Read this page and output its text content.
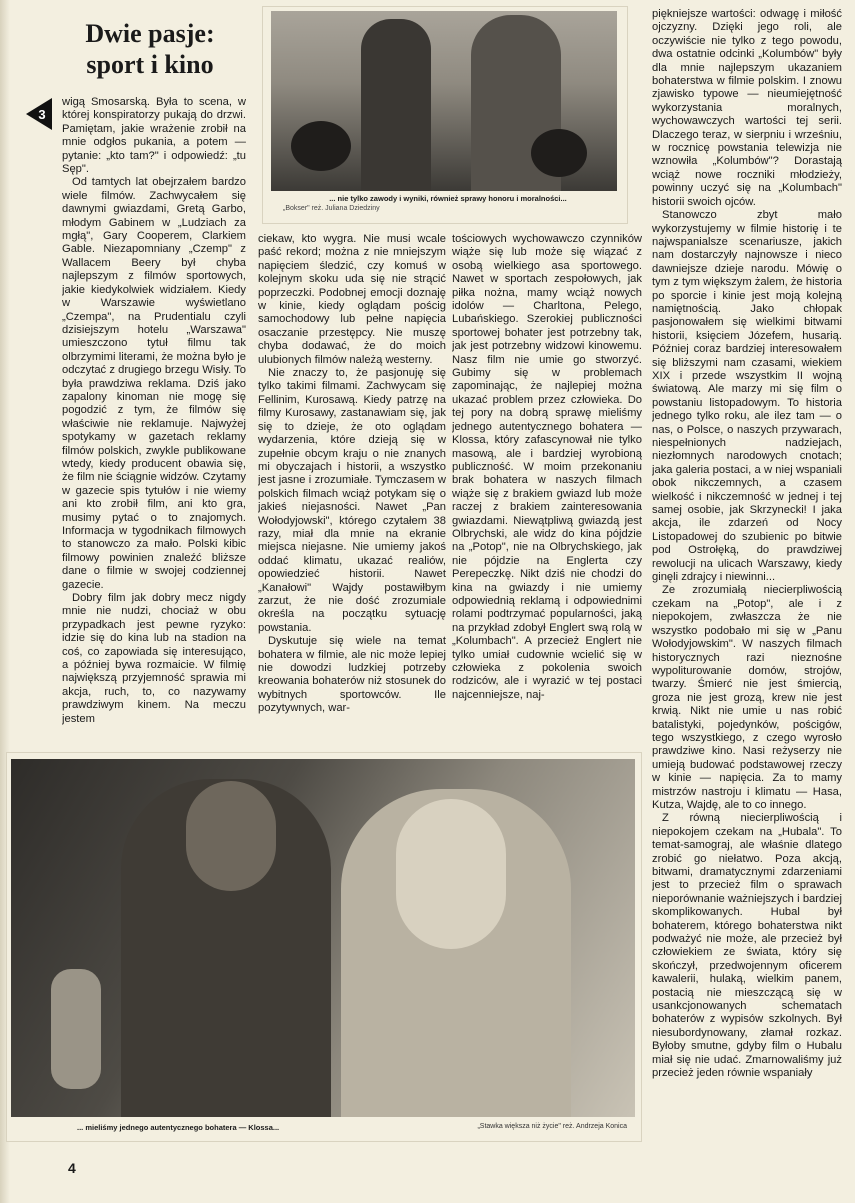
Dwie pasje: sport i kino
3

wigą Smosarską. Była to scena, w której konspiratorzy pukają do drzwi. Pamiętam, jakie wrażenie zrobił na mnie odgłos pukania, a potem — pytanie: „kto tam?" i odpowiedź: „tu Sęp".

Od tamtych lat obejrzałem bardzo wiele filmów. Zachwycałem się dawnymi gwiazdami, Gretą Garbo, młodym Gabinem w „Ludziach za mgłą", Gary Cooperem, Clarkiem Gable. Niezapomniany „Czemp" z Wallacem Beery był chyba najlepszym z filmów sportowych, jakie kiedykolwiek widziałem. Kiedy w Warszawie wyświetlano „Czempa", na Prudentialu czyli dzisiejszym hotelu „Warszawa" umieszczono tytuł filmu tak olbrzymimi literami, że można było je odczytać z drugiego brzegu Wisły. To była prawdziwa reklama. Dziś jako zapalony kinoman nie mogę się pogodzić z tym, że filmów się właściwie nie reklamuje. Najwyżej spotykamy w gazetach reklamy filmów polskich, zwykle publikowane wtedy, kiedy producent obawia się, że film nie ściągnie widzów. Czytamy w gazecie spis tytułów i nie wiemy ani kto zrobił film, ani kto gra, musimy pytać o to znajomych. Informacja w tygodnikach filmowych to stanowczo za mało. Polski kibic filmowy powinien znaleźć bliższe dane o filmie w swojej codziennej gazecie.

Dobry film jak dobry mecz nigdy mnie nie nudzi, chociaż w obu przypadkach jest pewne ryzyko: idzie się do kina lub na stadion na coś, co zapowiada się interesująco, a później bywa rozmaicie. W filmię największą przyjemność sprawia mi akcja, ruch, to, co nazywamy prawdziwym kinem. Na meczu jestem

... nie tylko zawody i wyniki, również sprawy honoru i moralności...
„Bokser" reż. Juliana Dziedziny

ciekaw, kto wygra. Nie musi wcale paść rekord; można z nie mniejszym napięciem śledzić, czy komuś w kolejnym skoku uda się nie strącić poprzeczki. Podobnej emocji doznaję w kinie, kiedy oglądam pościg samochodowy lub pełne napięcia osaczanie przestępcy. Nie muszę chyba dodawać, że do moich ulubionych filmów należą westerny.

Nie znaczy to, że pasjonuję się tylko takimi filmami. Zachwycam się Fellinim, Kurosawą. Kiedy patrzę na filmy Kurosawy, zastanawiam się, jak się to dzieje, że oto oglądam wydarzenia, które dzieją się w zupełnie obcym kraju o nie znanych mi obyczajach i historii, a wszystko jest jasne i zrozumiałe. Tymczasem w polskich filmach wciąż potykam się o jakieś niejasności. Nawet „Pan Wołodyjowski", którego czytałem 38 razy, miał dla mnie na ekranie miejsca niejasne. Nie umiemy jakoś oddać klimatu, ukazać realiów, opowiedzieć historii. Nawet „Kanałowi" Wajdy postawiłbym zarzut, że nie dość zrozumiale określa na początku sytuację powstania.

Dyskutuje się wiele na temat bohatera w filmie, ale nic może lepiej nie dowodzi ludzkiej potrzeby kreowania bohaterów niż stosunek do wybitnych sportowców. Ile pozytywnych, war-

tościowych wychowawczo czynników wiąże się lub może się wiązać z osobą wielkiego asa sportowego. Nawet w sportach zespołowych, jak piłka nożna, mamy wciąż nowych idolów — Charltona, Pelego, Lubańskiego. Szerokiej publiczności sportowej bohater jest potrzebny tak, jak jest potrzebny widzowi kinowemu. Nasz film nie umie go stworzyć. Gubimy się w problemach zapominając, że najlepiej można ukazać problem przez człowieka. Do tej pory na dobrą sprawę mieliśmy jednego autentycznego bohatera — Klossa, który zafascynował nie tylko masową, ale i bardziej wyrobioną publiczność. W moim przekonaniu brak bohatera w naszych filmach wiąże się z brakiem gwiazd lub może raczej z brakiem zainteresowania gwiazdami. Niewątpliwą gwiazdą jest Olbrychski, ale widz do kina pójdzie na „Potop", nie na Olbrychskiego, jak nie pójdzie na Englerta czy Perepeczkę. Nikt dziś nie chodzi do kina na gwiazdy i nie umiemy odpowiednią reklamą i odpowiednimi rolami podtrzymać popularności, jaką na przykład zdobył Englert swą rolą w „Kolumbach". A przecież Englert nie tylko umiał cudownie wcielić się w człowieka z pokolenia swoich rodziców, ale i wyrazić w tej postaci najcenniejsze, naj-

piękniejsze wartości: odwagę i miłość ojczyzny. Dzięki jego roli, ale oczywiście nie tylko z tego powodu, dwa ostatnie odcinki „Kolumbów" były dla mnie najlepszym ukazaniem bohaterstwa w filmie polskim. I znowu zjawisko typowe — nieumiejętność wykorzystania moralnych, wychowawczych wartości tej serii. Dlaczego teraz, w sierpniu i wrześniu, w rocznicę powstania telewizja nie wznowiła „Kolumbów"? Dorastają wciąż nowe roczniki młodzieży, powinny uczyć się na „Kolumbach" historii swoich ojców.

Stanowczo zbyt mało wykorzystujemy w filmie historię i te najwspanialsze scenariusze, jakich nam dostarczyły najnowsze i nieco dawniejsze dzieje narodu. Mówię o tym z tym większym żalem, że historia po sporcie i kinie jest moją kolejną namiętnością. Jako chłopak pasjonowałem się wielkimi bitwami historii, księciem Józefem, husarią. Później coraz bardziej interesowałem się bliższymi nam czasami, wiekiem XIX i przede wszystkim II wojną światową. Ale marzy mi się film o powstaniu listopadowym. To historia jednego tylko roku, ale ilez tam — o nas, o Polsce, o naszych przywarach, niespełnionych nadziejach, niezłomnych narodowych cnotach; jaka galeria postaci, a w niej wspaniali obok nikczemnych, a czasem wielkość i nikczemność w jednej i tej samej osobie, jak Skrzynecki! I jaka akcja, ile zdarzeń od Nocy Listopadowej do szubienic po bitwie pod Ostrołęką, do prawdziwej rewolucji na ulicach Warszawy, kiedy ginęli zdrajcy i niewinni...

Ze zrozumiałą niecierpliwością czekam na „Potop", ale i z niepokojem, zwłaszcza że nie wszystko podobało mi się w „Panu Wołodyjowskim". W naszych filmach historycznych razi nieznośne wypoliturowanie domów, strojów, twarzy. Śmierć nie jest śmiercią, groza nie jest grozą, krew nie jest krwią. Nikt nie umie u nas robić batalistyki, pojedynków, pościgów, tego wszystkiego, z czego wyrosło prawdziwe kino. Nasi reżyserzy nie umieją budować podstawowej rzeczy w kinie — napięcia. Za to mamy mistrzów nastroju i klimatu — Hasa, Kutza, Wajdę, ale to co innego.

Z równą niecierpliwością i niepokojem czekam na „Hubala". To temat-samograj, ale właśnie dlatego zrobić go niełatwo. Poza akcją, bitwami, dramatycznymi zdarzeniami jest to przecież film o sprawach nieporównanie ważniejszych i bardziej skomplikowanych. Hubal był bohaterem, którego bohaterstwa nikt podważyć nie może, ale przecież był człowiekiem ze świata, który się skończył, przedwojennym oficerem kawalerii, hulaką, wielkim panem, postacią nie mieszczącą się w usankcjonowanych schematach bohaterów z wypisów szkolnych. Był niesubordynowany, złamał rozkaz. Byłoby smutne, gdyby film o Hubalu miał się nie udać. Zmarnowaliśmy już przecież jeden równie wspaniały

... mieliśmy jednego autentycznego bohatera — Klossa...	„Stawka większa niż życie" reż. Andrzeja Konica
4
